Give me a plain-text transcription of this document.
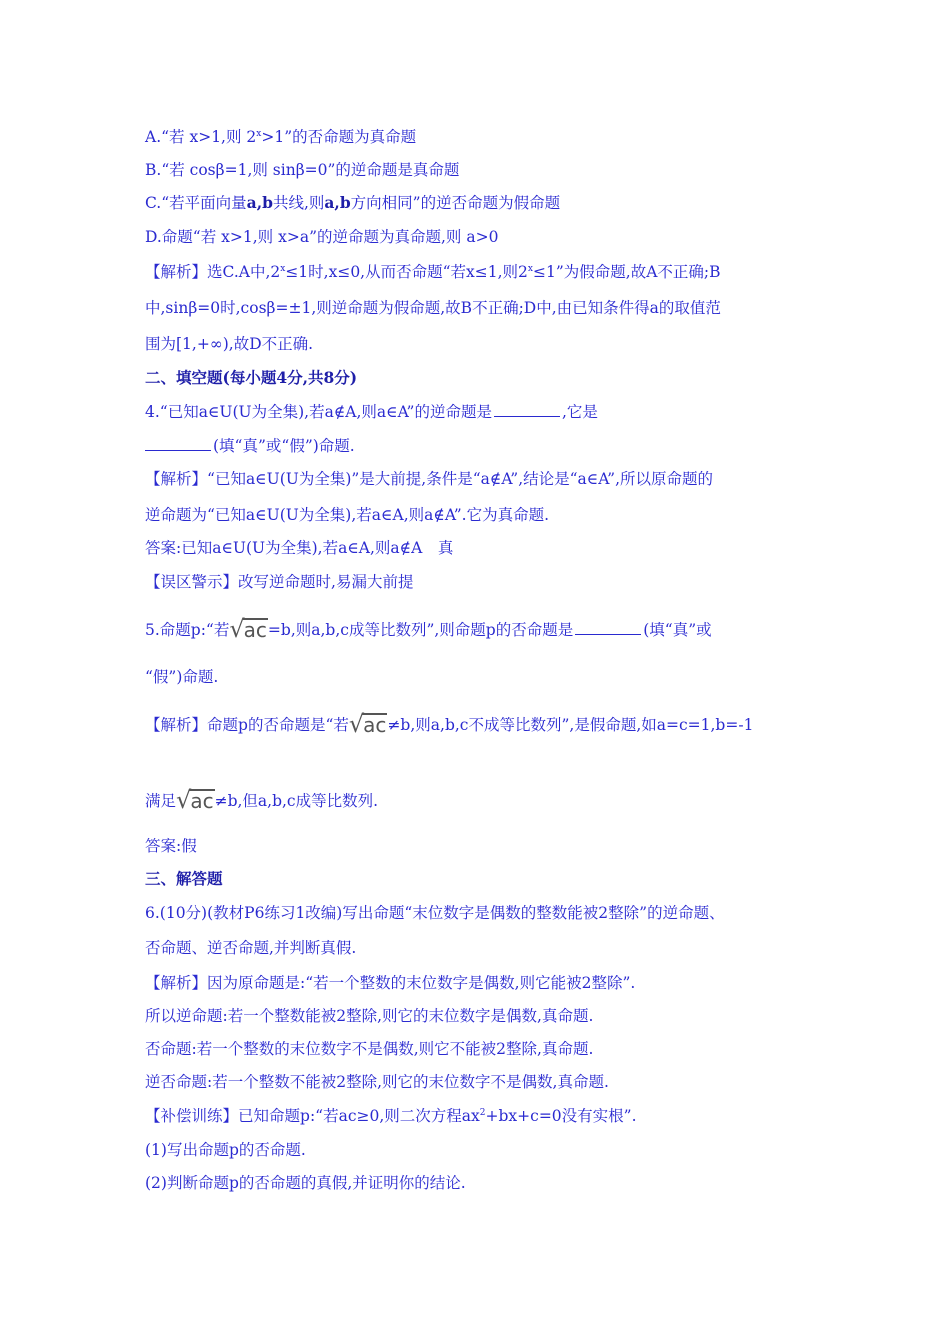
A.“若 x>1,则 $2^x>1$”的否命题为真命题

B.“若 cosβ=1,则 sinβ=0”的逆命题是真命题

C.“若平面向量a,b共线,则a,b方向相同”的逆否命题为假命题

D.命题“若 x>1,则 x>a”的逆命题为真命题,则 a>0

【解析】选C.A中$,2^x\le 1$时,x≤0,从而否命题“若x≤1,则$2^x\le 1$”为假命题,故A不正确;B

中,sinβ=0时,cosβ=±1,则逆命题为假命题,故B不正确;D中,由已知条件得a的取值范

围为[1,+∞),故D不正确.

二、填空题(每小题4分,共8分)

4.“已知a∈U(U为全集),若a∉A,则a∈A”的逆命题是	,它是

(填“真”或“假”)命题.

【解析】“已知a∈U(U为全集)”是大前提,条件是“a∉A”,结论是“a∈A”,所以原命题的

逆命题为“已知a∈U(U为全集),若a∈A,则a∉A”.它为真命题.

答案:已知a∈U(U为全集),若a∈A,则a∉A　真

【误区警示】改写逆命题时,易漏大前提

5.命题p:“若√ac=b,则a,b,c成等比数列”,则命题p的否命题是	(填“真”或

“假”)命题.

【解析】命题p的否命题是“若√ac≠b,则a,b,c不成等比数列”,是假命题,如a=c=1,b=-1

满足√ac≠b,但a,b,c成等比数列.

答案:假

三、解答题

6.(10分)(教材P6练习1改编)写出命题“末位数字是偶数的整数能被2整除”的逆命题、

否命题、逆否命题,并判断真假.

【解析】因为原命题是:“若一个整数的末位数字是偶数,则它能被2整除”.

所以逆命题:若一个整数能被2整除,则它的末位数字是偶数,真命题.

否命题:若一个整数的末位数字不是偶数,则它不能被2整除,真命题.

逆否命题:若一个整数不能被2整除,则它的末位数字不是偶数,真命题.

【补偿训练】已知命题p:“若ac≥0,则二次方程$ax^2+bx+c=0$没有实根”.

(1)写出命题p的否命题.

(2)判断命题p的否命题的真假,并证明你的结论.
